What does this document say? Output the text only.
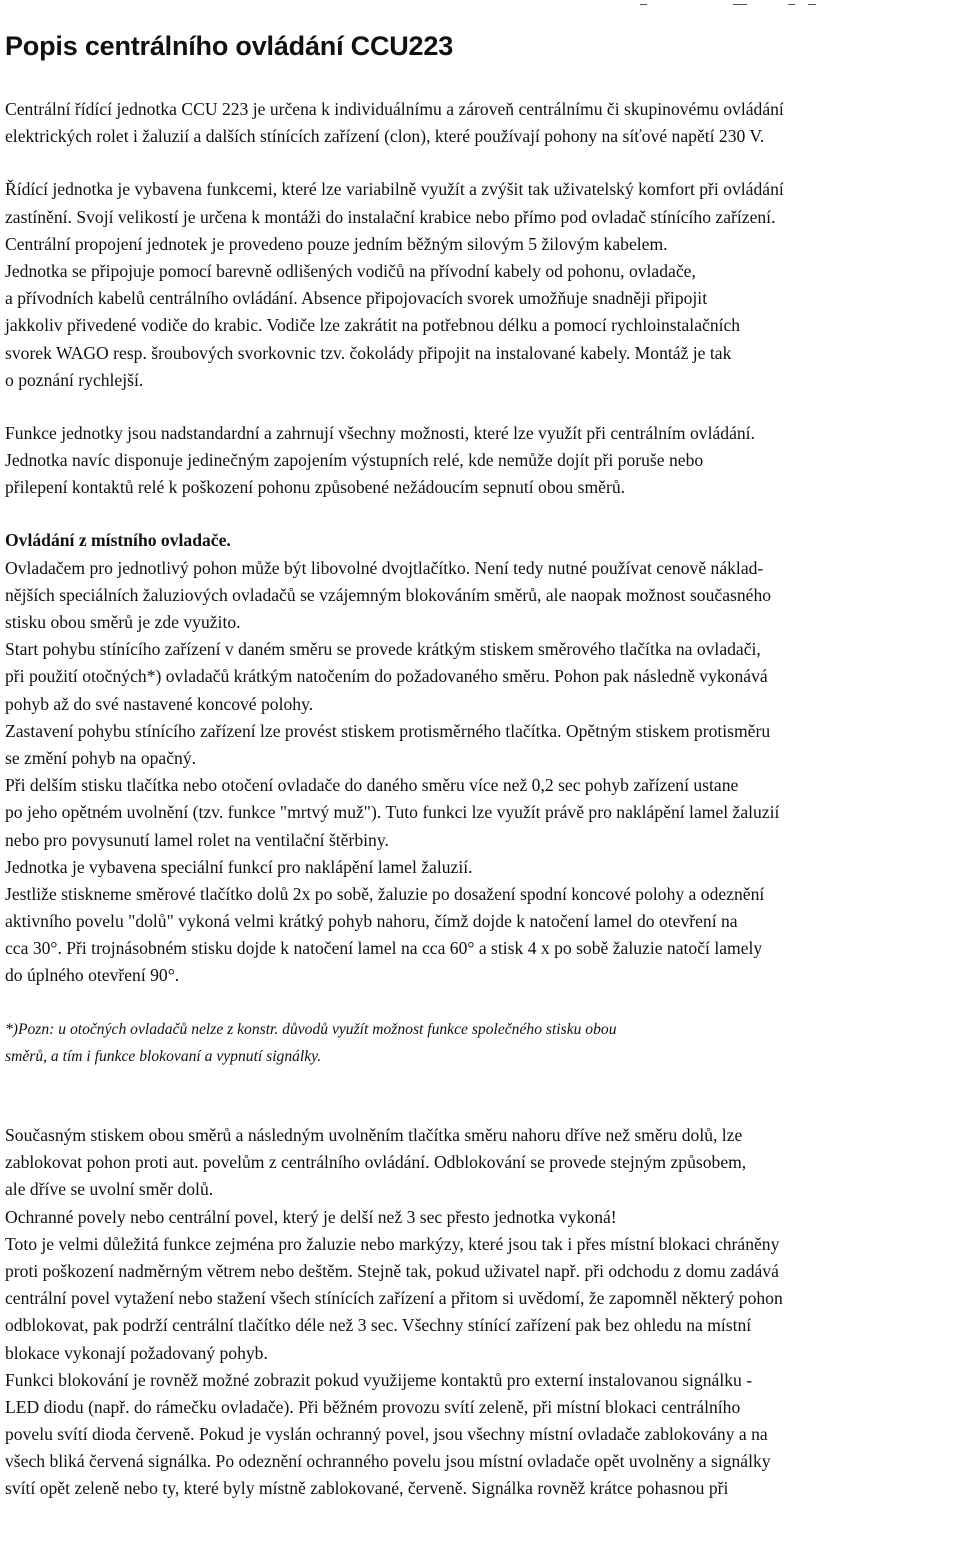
Popis centrálního ovládání CCU223
Centrální řídící jednotka CCU 223 je určena k individuálnímu a zároveň centrálnímu či skupinovému ovládání
elektrických rolet i žaluzií a dalších stínících zařízení (clon), které používají pohony na síťové napětí 230 V.
Řídící jednotka je vybavena funkcemi, které lze variabilně využít a zvýšit tak uživatelský komfort při ovládání
zastínění. Svojí velikostí je určena k montáži do instalační krabice nebo přímo pod ovladač stínícího zařízení.
Centrální propojení jednotek je provedeno pouze jedním běžným silovým 5 žilovým kabelem.
Jednotka se připojuje pomocí barevně odlišených vodičů na přívodní kabely od pohonu, ovladače,
a přívodních kabelů centrálního ovládání. Absence připojovacích svorek umožňuje snadněji připojit
jakkoliv přivedené vodiče do krabic. Vodiče lze zakrátit na potřebnou délku a pomocí rychloinstalačních
svorek WAGO resp. šroubových svorkovnic tzv. čokolády připojit na instalované kabely. Montáž je tak
o poznání rychlejší.
Funkce jednotky jsou nadstandardní a zahrnují všechny možnosti, které lze využít při centrálním ovládání.
Jednotka navíc disponuje jedinečným zapojením výstupních relé, kde nemůže dojít při poruše nebo
přilepení kontaktů relé k poškození pohonu způsobené nežádoucím sepnutí obou směrů.
Ovládání z místního ovladače.
Ovladačem pro jednotlivý pohon může být libovolné dvojtlačítko. Není tedy nutné používat cenově náklad-
nějších speciálních žaluziových ovladačů se vzájemným blokováním směrů, ale naopak možnost současného
stisku obou směrů je zde využito.
Start pohybu stínícího zařízení v daném směru se provede krátkým stiskem směrového tlačítka na ovladači,
při použití otočných*) ovladačů krátkým natočením do požadovaného směru. Pohon pak následně vykonává
pohyb až do své nastavené koncové polohy.
Zastavení pohybu stínícího zařízení lze provést stiskem protisměrného tlačítka. Opětným stiskem protisměru
se změní pohyb na opačný.
Při delším stisku tlačítka nebo otočení ovladače do daného směru více než 0,2 sec pohyb zařízení ustane
po jeho opětném uvolnění (tzv. funkce "mrtvý muž"). Tuto funkci lze využít právě pro naklápění lamel žaluzií
nebo pro povysunutí lamel rolet na ventilační štěrbiny.
Jednotka je vybavena speciální funkcí pro naklápění lamel žaluzií.
Jestliže stiskneme směrové tlačítko dolů 2x po sobě, žaluzie po dosažení spodní koncové polohy a odeznění
aktivního povelu "dolů" vykoná velmi krátký pohyb nahoru, čímž dojde k natočení lamel do otevření na
cca 30°. Při trojnásobném stisku dojde k natočení lamel na cca 60° a stisk 4 x po sobě žaluzie natočí lamely
do úplného otevření 90°.
*)Pozn: u otočných ovladačů nelze z konstr. důvodů využít možnost funkce společného stisku obou
směrů, a tím i funkce blokovaní a vypnutí signálky.
Současným stiskem obou směrů a následným uvolněním tlačítka směru nahoru dříve než směru dolů, lze
zablokovat pohon proti aut. povelům z centrálního ovládání. Odblokování se provede stejným způsobem,
ale dříve se uvolní směr dolů.
Ochranné povely nebo centrální povel, který je delší než 3 sec přesto jednotka vykoná!
Toto je velmi důležitá funkce zejména pro žaluzie nebo markýzy, které jsou tak i přes místní blokaci chráněny
proti poškození nadměrným větrem nebo deštěm. Stejně tak, pokud uživatel např. při odchodu z domu zadává
centrální povel vytažení nebo stažení všech stínících zařízení a přitom si uvědomí, že zapomněl některý pohon
odblokovat, pak podrží centrální tlačítko déle než 3 sec. Všechny stínící zařízení pak bez ohledu na místní
blokace vykonají požadovaný pohyb.
Funkci blokování je rovněž možné zobrazit pokud využijeme kontaktů pro externí instalovanou signálku -
LED diodu (např. do rámečku ovladače). Při běžném provozu svítí zeleně, při místní blokaci centrálního
povelu svítí dioda červeně. Pokud je vyslán ochranný povel, jsou všechny místní ovladače zablokovány a na
všech bliká červená signálka. Po odeznění ochranného povelu jsou místní ovladače opět uvolněny a signálky
svítí opět zeleně nebo ty, které byly místně zablokované, červeně. Signálka rovněž krátce pohasnou při
